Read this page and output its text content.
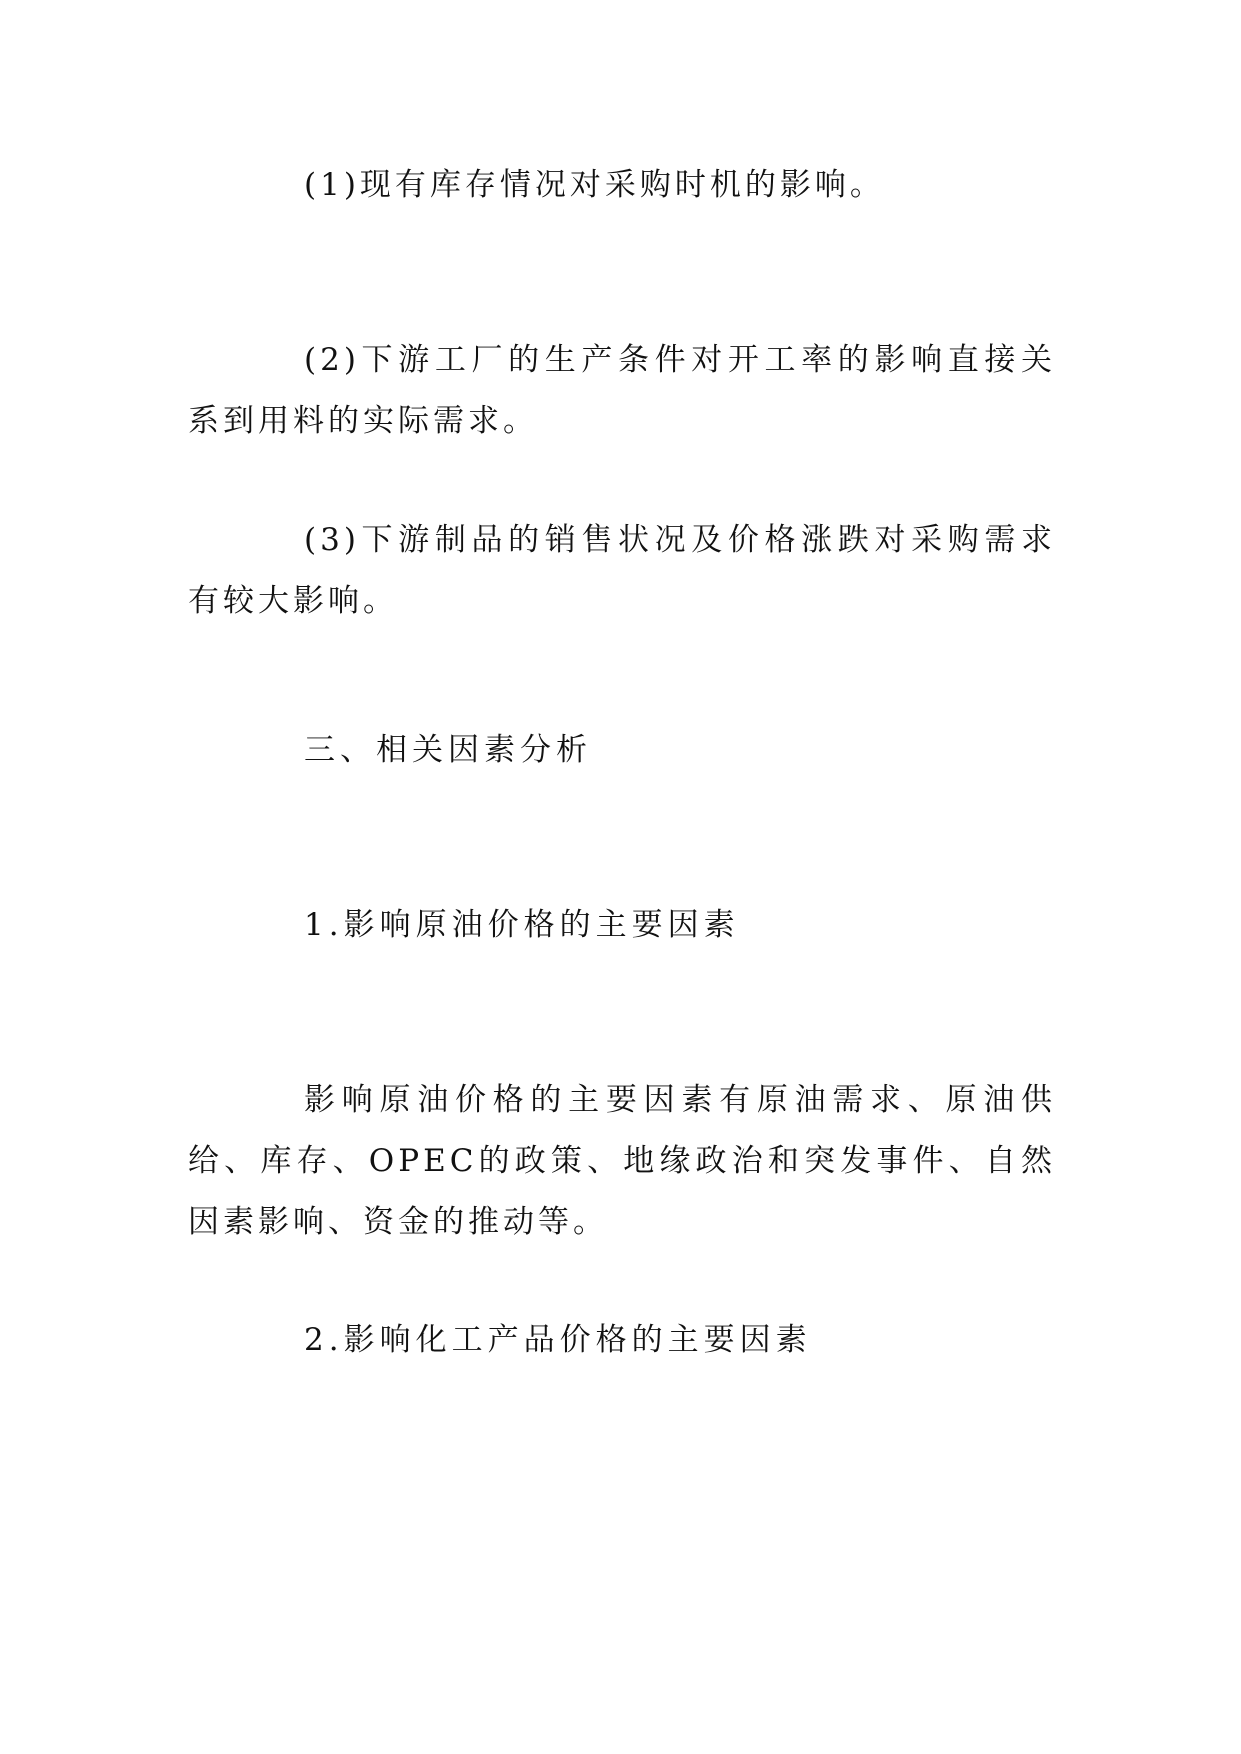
(1)现有库存情况对采购时机的影响。

(2)下游工厂的生产条件对开工率的影响直接关系到用料的实际需求。

(3)下游制品的销售状况及价格涨跌对采购需求有较大影响。

三、相关因素分析
1.影响原油价格的主要因素

影响原油价格的主要因素有原油需求、原油供给、库存、OPEC的政策、地缘政治和突发事件、自然因素影响、资金的推动等。

2.影响化工产品价格的主要因素
